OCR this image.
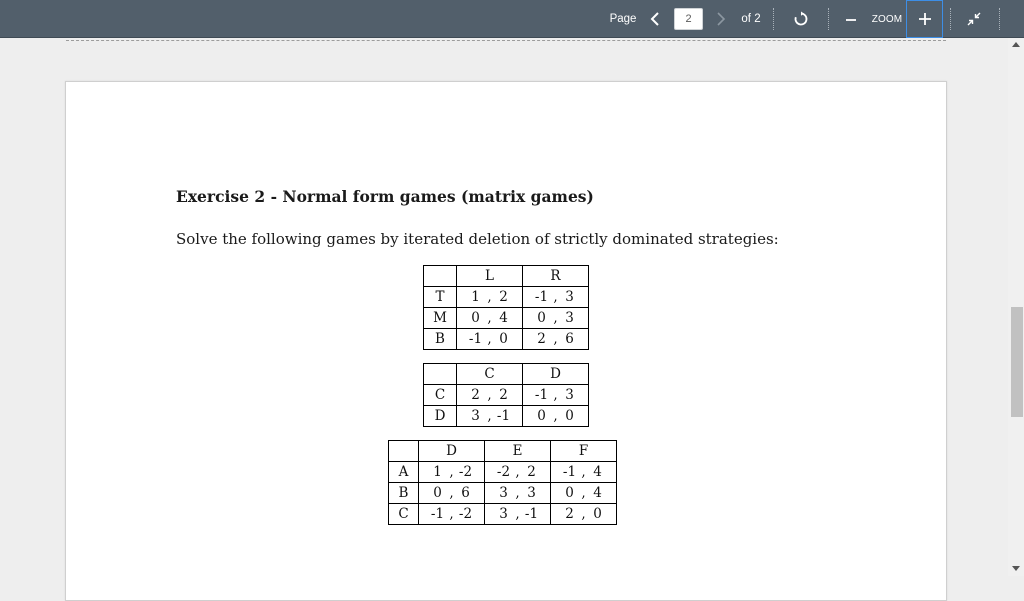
Page	2	of 2	ZOOM
Exercise 2 - Normal form games (matrix games)
Solve the following games by iterated deletion of strictly dominated strategies:
	L	R
T	1 , 2	-1 , 3

M	0 , 4	0 , 3

B	-1 , 0	2 , 6
	C	D
C	2 , 2	-1 , 3

D	3 , -1	0 , 0
	D	E	F
A	1 , -2	-2 , 2	-1 , 4

B	0 , 6	3 , 3	0 , 4

C	-1 , -2	3 , -1	2 , 0
